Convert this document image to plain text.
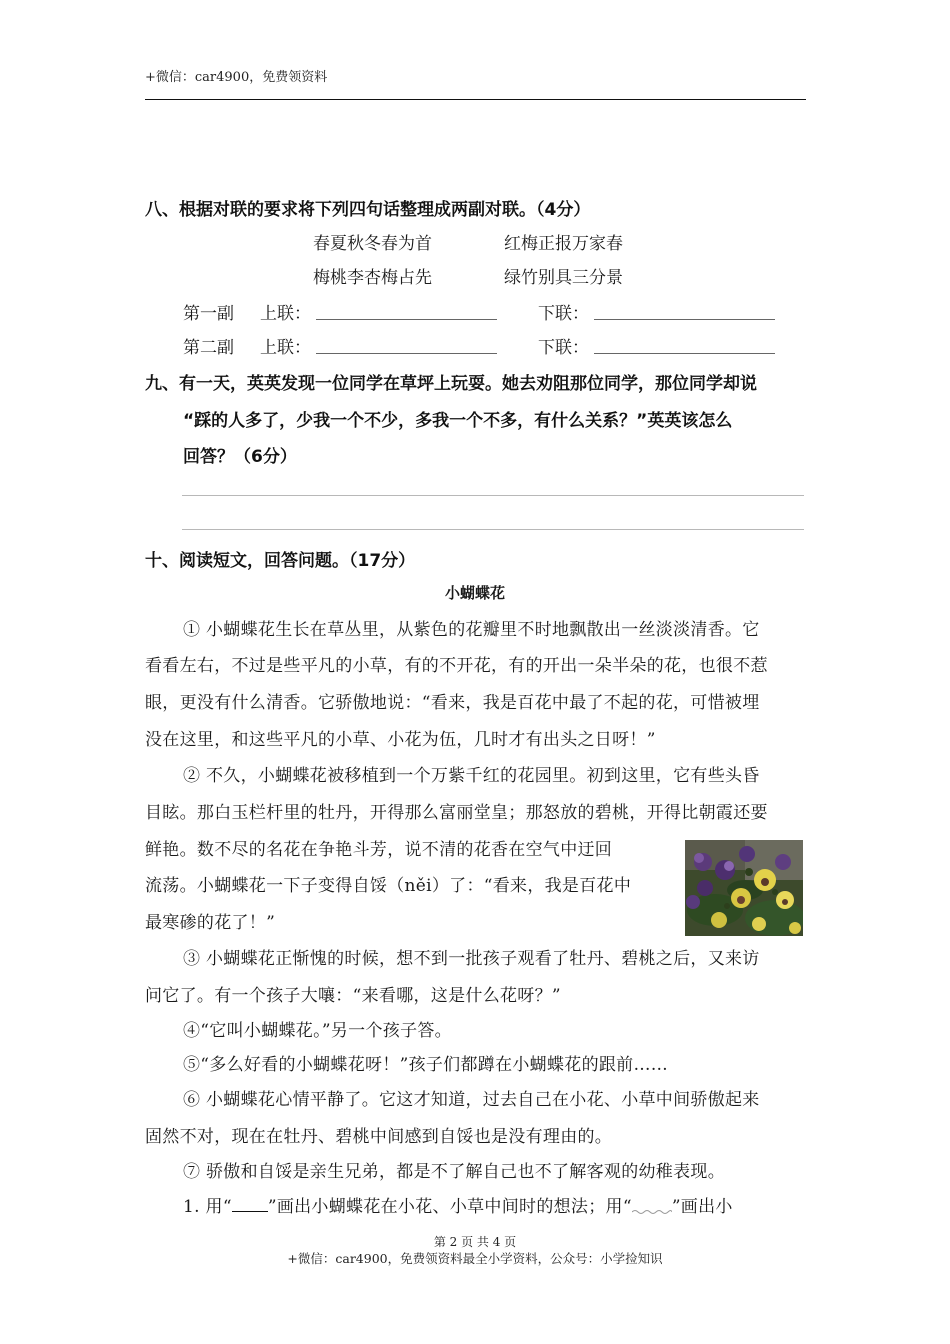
+微信：car4900，免费领资料
八、根据对联的要求将下列四句话整理成两副对联。（4分）
春夏秋冬春为首	红梅正报万家春
梅桃李杏梅占先	绿竹别具三分景
第一副 上联：	下联：
第二副 上联：	下联：
九、有一天，英英发现一位同学在草坪上玩耍。她去劝阻那位同学，那位同学却说
“踩的人多了，少我一个不少，多我一个不多，有什么关系？”英英该怎么
回答？（6分）
十、阅读短文，回答问题。（17分）
小蝴蝶花
① 小蝴蝶花生长在草丛里，从紫色的花瓣里不时地飘散出一丝淡淡清香。它
看看左右，不过是些平凡的小草，有的不开花，有的开出一朵半朵的花，也很不惹
眼，更没有什么清香。它骄傲地说：“看来，我是百花中最了不起的花，可惜被埋
没在这里，和这些平凡的小草、小花为伍，几时才有出头之日呀！”
② 不久，小蝴蝶花被移植到一个万紫千红的花园里。初到这里，它有些头昏
目眩。那白玉栏杆里的牡丹，开得那么富丽堂皇；那怒放的碧桃，开得比朝霞还要
鲜艳。数不尽的名花在争艳斗芳，说不清的花香在空气中迂回
流荡。小蝴蝶花一下子变得自馁（něi）了：“看来，我是百花中
最寒碜的花了！”
③ 小蝴蝶花正惭愧的时候，想不到一批孩子观看了牡丹、碧桃之后，又来访
问它了。有一个孩子大嚷：“来看哪，这是什么花呀？”
④“它叫小蝴蝶花。”另一个孩子答。
⑤“多么好看的小蝴蝶花呀！”孩子们都蹲在小蝴蝶花的跟前……
⑥ 小蝴蝶花心情平静了。它这才知道，过去自己在小花、小草中间骄傲起来
固然不对，现在在牡丹、碧桃中间感到自馁也是没有理由的。
⑦ 骄傲和自馁是亲生兄弟，都是不了解自己也不了解客观的幼稚表现。
1. 用“ ”画出小蝴蝶花在小花、小草中间时的想法；用“ ”画出小
第 2 页 共 4 页
+微信：car4900，免费领资料最全小学资料，公众号：小学捡知识
